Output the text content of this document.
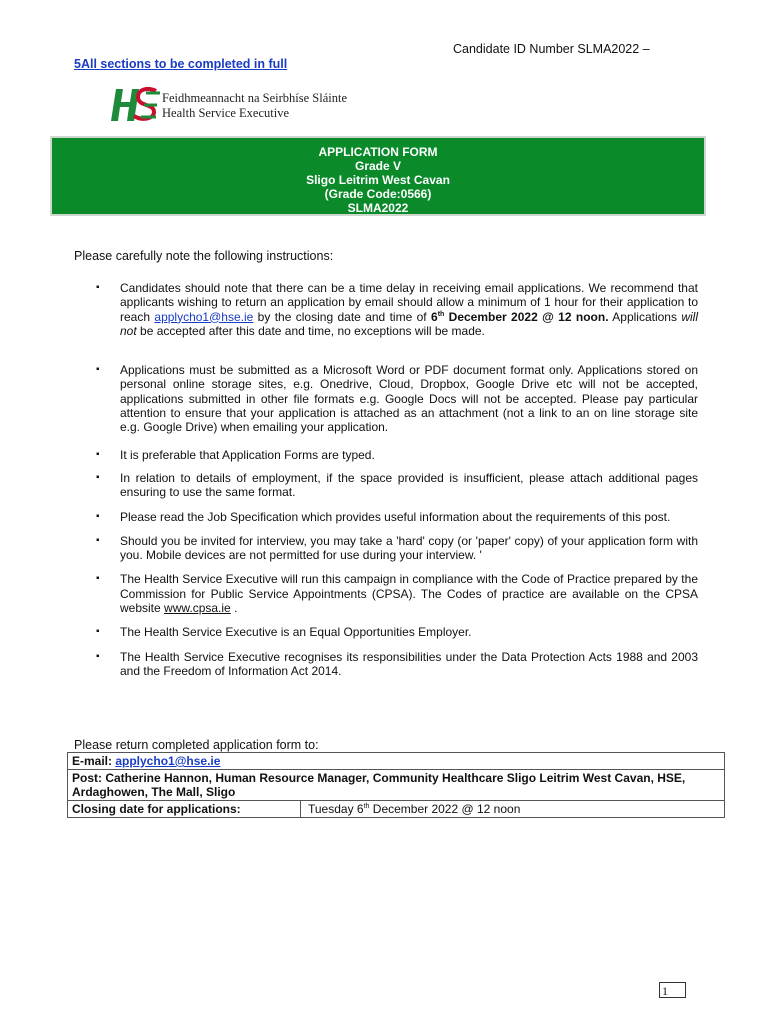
Candidate ID Number SLMA2022 –
5All sections to be completed in full
Feidhmeannacht na Seirbhíse Sláinte
Health Service Executive
APPLICATION FORM
Grade V
Sligo Leitrim West Cavan
(Grade Code:0566)
SLMA2022
Please carefully note the following instructions:
▪ Candidates should note that there can be a time delay in receiving email applications. We recommend that applicants wishing to return an application by email should allow a minimum of 1 hour for their application to reach applycho1@hse.ie by the closing date and time of 6th December 2022 @ 12 noon. Applications will not be accepted after this date and time, no exceptions will be made.
▪ Applications must be submitted as a Microsoft Word or PDF document format only. Applications stored on personal online storage sites, e.g. Onedrive, Cloud, Dropbox, Google Drive etc will not be accepted, applications submitted in other file formats e.g. Google Docs will not be accepted. Please pay particular attention to ensure that your application is attached as an attachment (not a link to an on line storage site e.g. Google Drive) when emailing your application.
▪ It is preferable that Application Forms are typed.
▪ In relation to details of employment, if the space provided is insufficient, please attach additional pages ensuring to use the same format.
▪ Please read the Job Specification which provides useful information about the requirements of this post.
▪ Should you be invited for interview, you may take a 'hard' copy (or 'paper' copy) of your application form with you. Mobile devices are not permitted for use during your interview. '
▪ The Health Service Executive will run this campaign in compliance with the Code of Practice prepared by the Commission for Public Service Appointments (CPSA). The Codes of practice are available on the CPSA website www.cpsa.ie .
▪ The Health Service Executive is an Equal Opportunities Employer.
▪ The Health Service Executive recognises its responsibilities under the Data Protection Acts 1988 and 2003 and the Freedom of Information Act 2014.
Please return completed application form to:
E-mail: applycho1@hse.ie
Post: Catherine Hannon, Human Resource Manager, Community Healthcare Sligo Leitrim West Cavan, HSE, Ardaghowen, The Mall, Sligo
Closing date for applications:	Tuesday 6th December 2022 @ 12 noon
1
